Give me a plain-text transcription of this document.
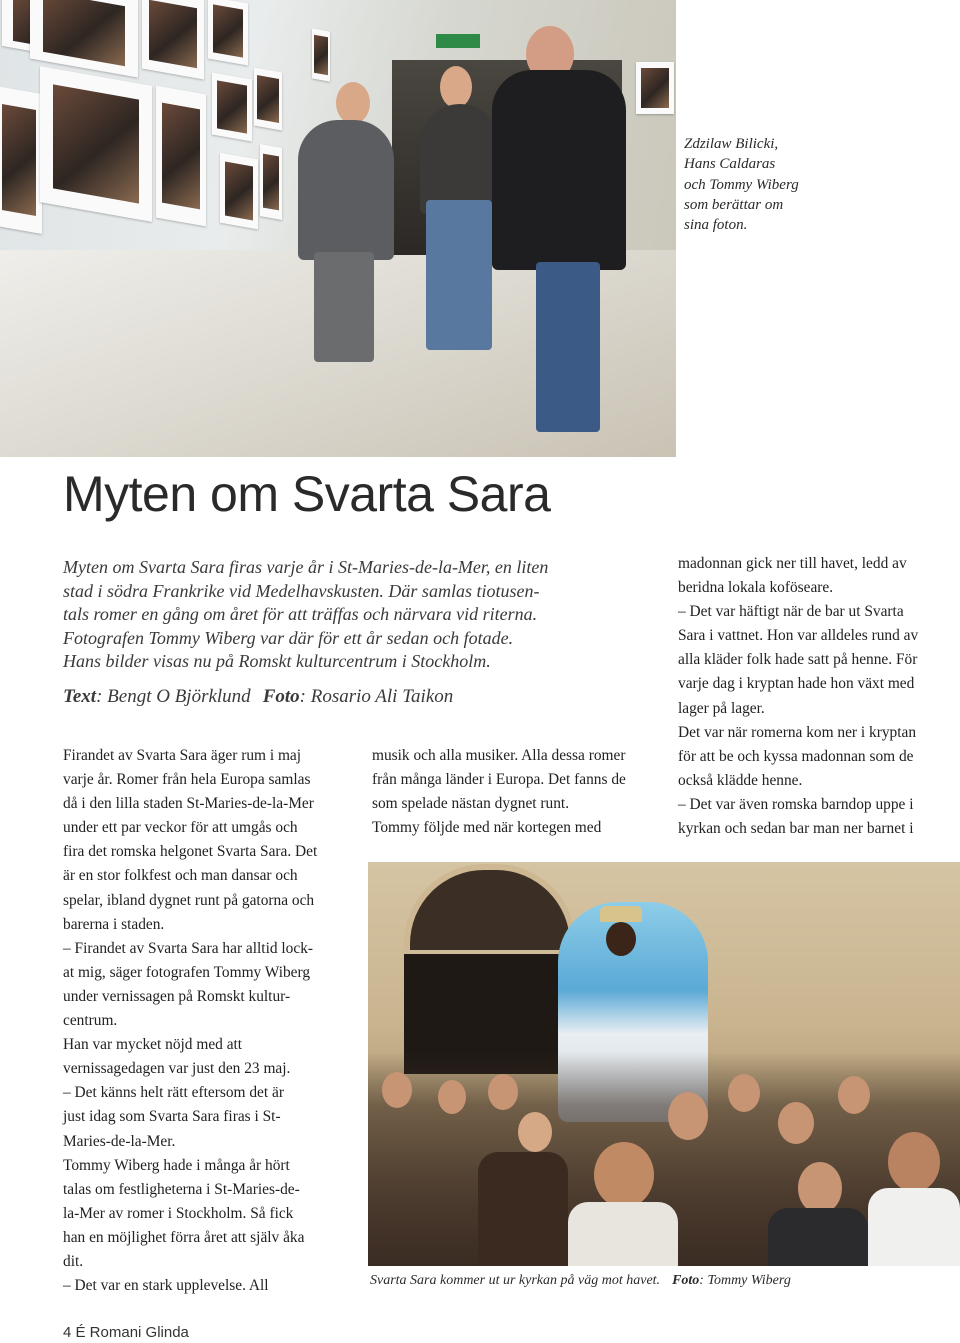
Zdzilaw Bilicki,
Hans Caldaras
och Tommy Wiberg
som berättar om
sina foton.
Myten om Svarta Sara
Myten om Svarta Sara firas varje år i St-Maries-de-la-Mer, en liten
stad i södra Frankrike vid Medelhavskusten. Där samlas tiotusen-
tals romer en gång om året för att träffas och närvara vid riterna.
Fotografen Tommy Wiberg var där för ett år sedan och fotade.
Hans bilder visas nu på Romskt kulturcentrum i Stockholm.
Text: Bengt O Björklund Foto: Rosario Ali Taikon
Firandet av Svarta Sara äger rum i maj
varje år. Romer från hela Europa samlas
då i den lilla staden St-Maries-de-la-Mer
under ett par veckor för att umgås och
fira det romska helgonet Svarta Sara. Det
är en stor folkfest och man dansar och
spelar, ibland dygnet runt på gatorna och
barerna i staden.
– Firandet av Svarta Sara har alltid lock-
at mig, säger fotografen Tommy Wiberg
under vernissagen på Romskt kultur-
centrum.
Han var mycket nöjd med att
vernissagedagen var just den 23 maj.
– Det känns helt rätt eftersom det är
just idag som Svarta Sara firas i St-
Maries-de-la-Mer.
Tommy Wiberg hade i många år hört
talas om festligheterna i St-Maries-de-
la-Mer av romer i Stockholm. Så fick
han en möjlighet förra året att själv åka
dit.
– Det var en stark upplevelse. All
musik och alla musiker. Alla dessa romer
från många länder i Europa. Det fanns de
som spelade nästan dygnet runt.
Tommy följde med när kortegen med
madonnan gick ner till havet, ledd av
beridna lokala koföseare.
– Det var häftigt när de bar ut Svarta
Sara i vattnet. Hon var alldeles rund av
alla kläder folk hade satt på henne. För
varje dag i kryptan hade hon växt med
lager på lager.
Det var när romerna kom ner i kryptan
för att be och kyssa madonnan som de
också klädde henne.
– Det var även romska barndop uppe i
kyrkan och sedan bar man ner barnet i
Svarta Sara kommer ut ur kyrkan på väg mot havet. Foto: Tommy Wiberg
4 É Romani Glinda
